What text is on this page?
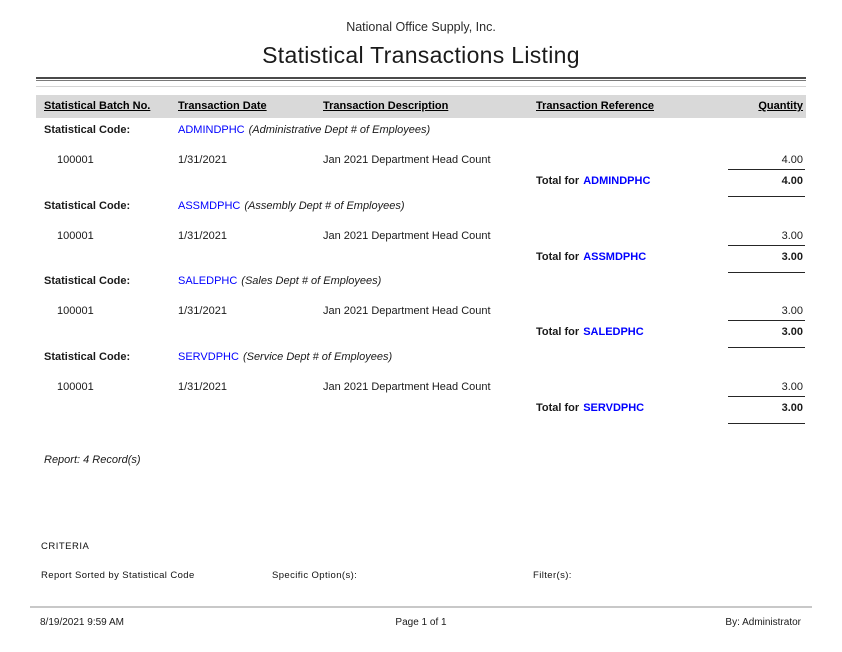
National Office Supply, Inc.
Statistical Transactions Listing
Statistical Batch No.	Transaction Date	Transaction Description	Transaction Reference	Quantity
Statistical Code:	ADMINDPHC (Administrative Dept # of Employees)
100001	1/31/2021	Jan 2021 Department Head Count	4.00
Total for ADMINDPHC	4.00
Statistical Code:	ASSMDPHC (Assembly Dept # of Employees)
100001	1/31/2021	Jan 2021 Department Head Count	3.00
Total for ASSMDPHC	3.00
Statistical Code:	SALEDPHC (Sales Dept # of Employees)
100001	1/31/2021	Jan 2021 Department Head Count	3.00
Total for SALEDPHC	3.00
Statistical Code:	SERVDPHC (Service Dept # of Employees)
100001	1/31/2021	Jan 2021 Department Head Count	3.00
Total for SERVDPHC	3.00
Report: 4 Record(s)
CRITERIA
Report Sorted by Statistical Code	Specific Option(s):	Filter(s):
8/19/2021 9:59 AM	Page 1 of 1	By: Administrator
